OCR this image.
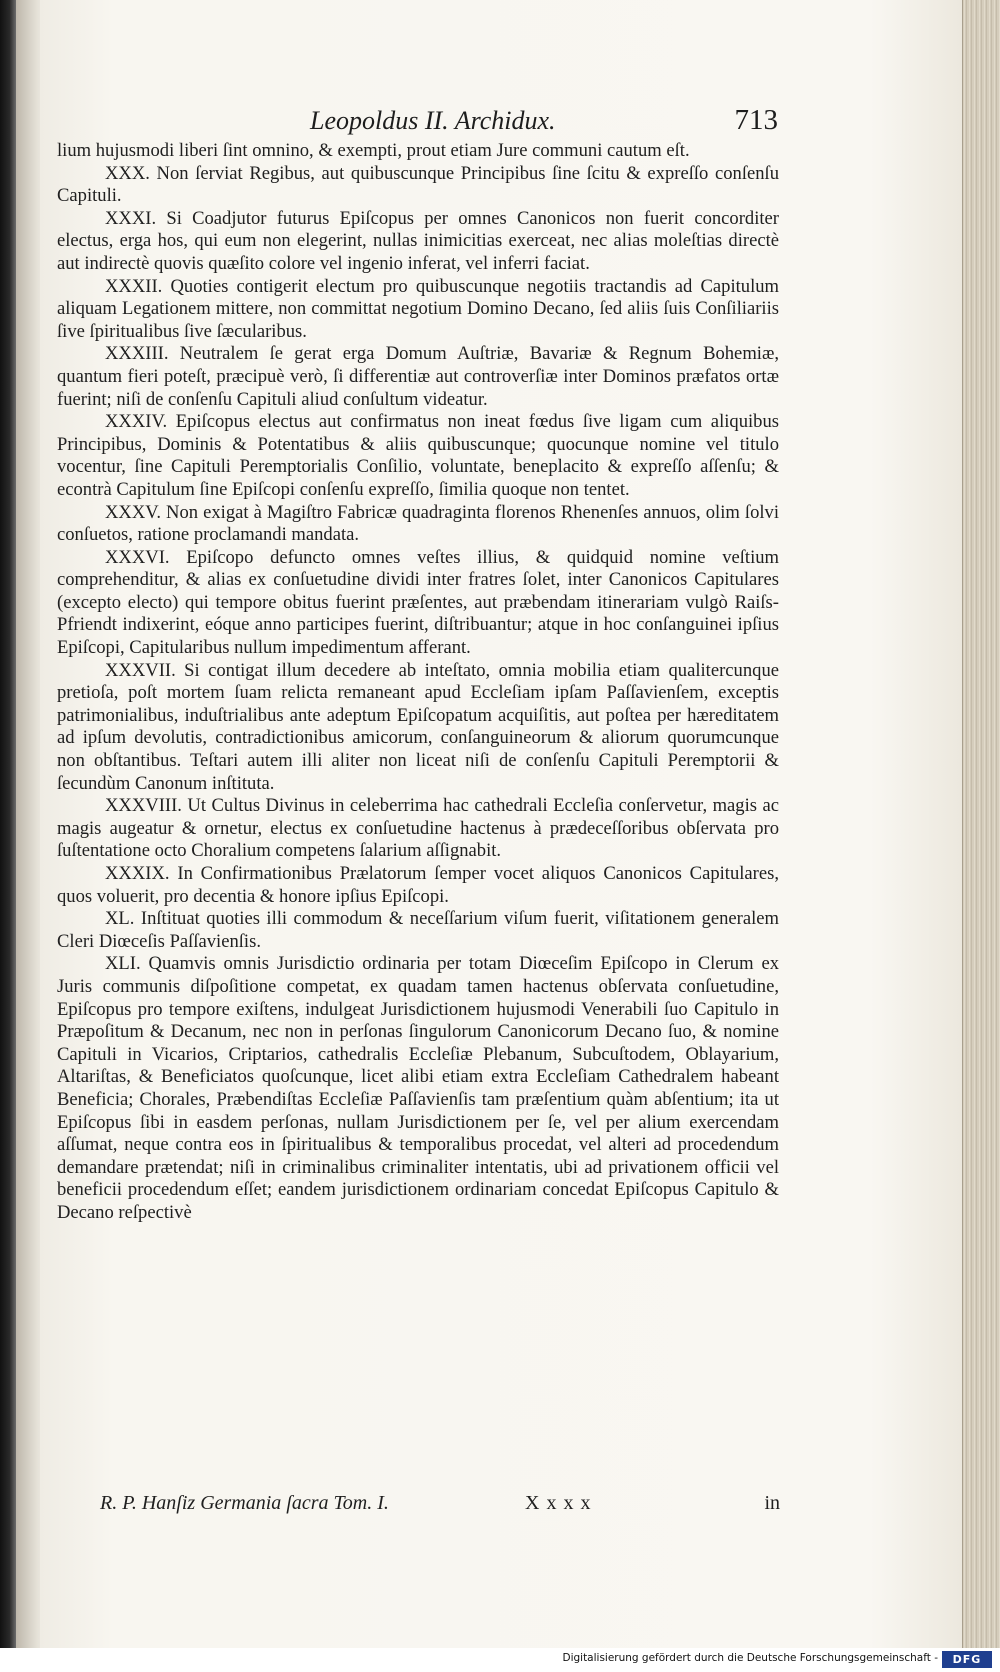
Leopoldus II. Archidux.	713

lium hujusmodi liberi ſint omnino, & exempti, prout etiam Jure communi cautum eſt.

XXX. Non ſerviat Regibus, aut quibuscunque Principibus ſine ſcitu & expreſſo conſenſu Capituli.

XXXI. Si Coadjutor futurus Epiſcopus per omnes Canonicos non fuerit concorditer electus, erga hos, qui eum non elegerint, nullas inimicitias exerceat, nec alias moleſtias directè aut indirectè quovis quæſito colore vel ingenio inferat, vel inferri faciat.

XXXII. Quoties contigerit electum pro quibuscunque negotiis tractandis ad Capitulum aliquam Legationem mittere, non committat negotium Domino Decano, ſed aliis ſuis Conſiliariis ſive ſpiritualibus ſive ſæcularibus.

XXXIII. Neutralem ſe gerat erga Domum Auſtriæ, Bavariæ & Regnum Bohemiæ, quantum fieri poteſt, præcipuè verò, ſi differentiæ aut controverſiæ inter Dominos præfatos ortæ fuerint; niſi de conſenſu Capituli aliud conſultum videatur.

XXXIV. Epiſcopus electus aut confirmatus non ineat fœdus ſive ligam cum aliquibus Principibus, Dominis & Potentatibus & aliis quibuscunque; quocunque nomine vel titulo vocentur, ſine Capituli Peremptorialis Conſilio, voluntate, beneplacito & expreſſo aſſenſu; & econtrà Capitulum ſine Epiſcopi conſenſu expreſſo, ſimilia quoque non tentet.

XXXV. Non exigat à Magiſtro Fabricæ quadraginta florenos Rhenenſes annuos, olim ſolvi conſuetos, ratione proclamandi mandata.

XXXVI. Epiſcopo defuncto omnes veſtes illius, & quidquid nomine veſtium comprehenditur, & alias ex conſuetudine dividi inter fratres ſolet, inter Canonicos Capitulares (excepto electo) qui tempore obitus fuerint præſentes, aut præbendam itinerariam vulgò Raiſs-Pfriendt indixerint, eóque anno participes fuerint, diſtribuantur; atque in hoc conſanguinei ipſius Epiſcopi, Capitularibus nullum impedimentum afferant.

XXXVII. Si contigat illum decedere ab inteſtato, omnia mobilia etiam qualitercunque pretioſa, poſt mortem ſuam relicta remaneant apud Eccleſiam ipſam Paſſavienſem, exceptis patrimonialibus, induſtrialibus ante adeptum Epiſcopatum acquiſitis, aut poſtea per hæreditatem ad ipſum devolutis, contradictionibus amicorum, conſanguineorum & aliorum quorumcunque non obſtantibus. Teſtari autem illi aliter non liceat niſi de conſenſu Capituli Peremptorii & ſecundùm Canonum inſtituta.

XXXVIII. Ut Cultus Divinus in celeberrima hac cathedrali Eccleſia conſervetur, magis ac magis augeatur & ornetur, electus ex conſuetudine hactenus à prædeceſſoribus obſervata pro ſuſtentatione octo Choralium competens ſalarium aſſignabit.

XXXIX. In Confirmationibus Prælatorum ſemper vocet aliquos Canonicos Capitulares, quos voluerit, pro decentia & honore ipſius Epiſcopi.

XL. Inſtituat quoties illi commodum & neceſſarium viſum fuerit, viſitationem generalem Cleri Diœceſis Paſſavienſis.

XLI. Quamvis omnis Jurisdictio ordinaria per totam Diœceſim Epiſcopo in Clerum ex Juris communis diſpoſitione competat, ex quadam tamen hactenus obſervata conſuetudine, Epiſcopus pro tempore exiſtens, indulgeat Jurisdictionem hujusmodi Venerabili ſuo Capitulo in Præpoſitum & Decanum, nec non in perſonas ſingulorum Canonicorum Decano ſuo, & nomine Capituli in Vicarios, Criptarios, cathedralis Eccleſiæ Plebanum, Subcuſtodem, Oblayarium, Altariſtas, & Beneficiatos quoſcunque, licet alibi etiam extra Eccleſiam Cathedralem habeant Beneficia; Chorales, Præbendiſtas Eccleſiæ Paſſavienſis tam præſentium quàm abſentium; ita ut Epiſcopus ſibi in easdem perſonas, nullam Jurisdictionem per ſe, vel per alium exercendam aſſumat, neque contra eos in ſpiritualibus & temporalibus procedat, vel alteri ad procedendum demandare prætendat; niſi in criminalibus criminaliter intentatis, ubi ad privationem officii vel beneficii procedendum eſſet; eandem jurisdictionem ordinariam concedat Epiſcopus Capitulo & Decano reſpectivè

R. P. Hanſiz Germania ſacra Tom. I.	X x x x	in
Digitalisierung gefördert durch die Deutsche Forschungsgemeinschaft -	DFG
